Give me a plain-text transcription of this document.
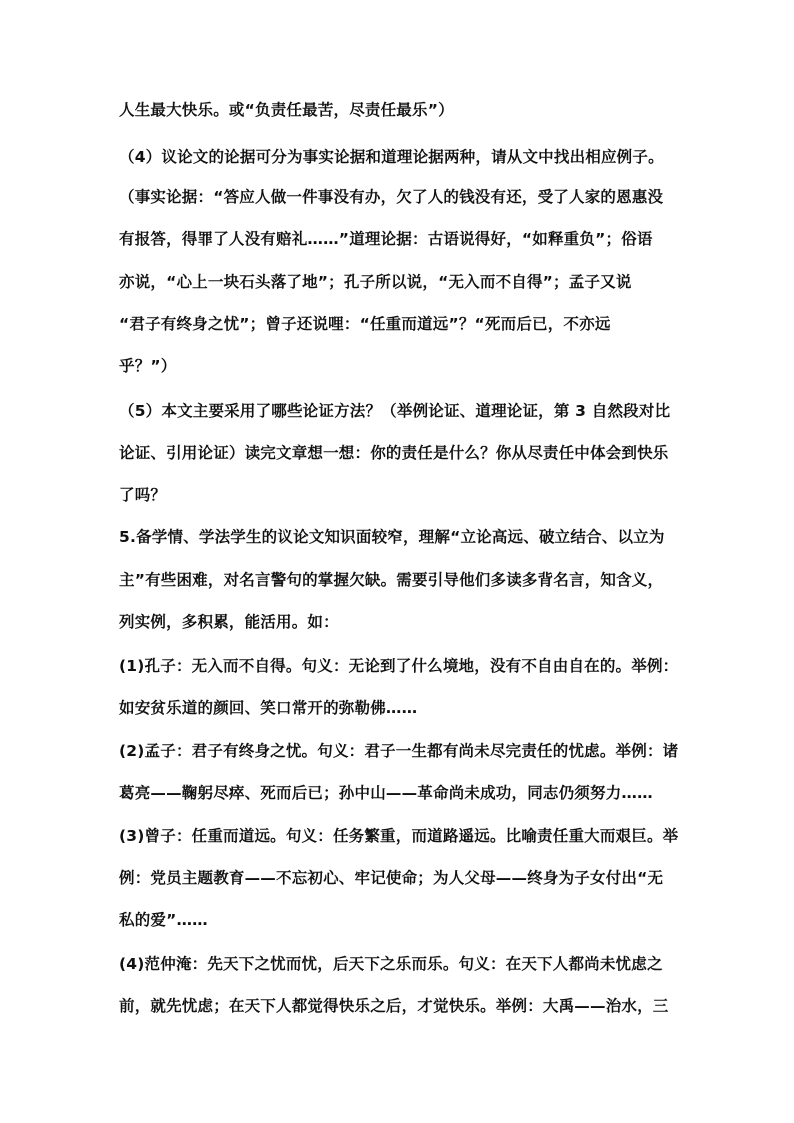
人生最大快乐。或“负责任最苦，尽责任最乐”）
（4）议论文的论据可分为事实论据和道理论据两种，请从文中找出相应例子。
（事实论据：“答应人做一件事没有办，欠了人的钱没有还，受了人家的恩惠没
有报答，得罪了人没有赔礼……”道理论据：古语说得好，“如释重负”；俗语
亦说，“心上一块石头落了地”；孔子所以说，“无入而不自得”；孟子又说
“君子有终身之忧”；曾子还说哩：“任重而道远”？“死而后已，不亦远
乎？”）
（5）本文主要采用了哪些论证方法？（举例论证、道理论证，第 3 自然段对比
论证、引用论证）读完文章想一想：你的责任是什么？你从尽责任中体会到快乐
了吗？
5.备学情、学法学生的议论文知识面较窄，理解“立论高远、破立结合、以立为
主”有些困难，对名言警句的掌握欠缺。需要引导他们多读多背名言，知含义，
列实例，多积累，能活用。如：
(1)孔子：无入而不自得。句义：无论到了什么境地，没有不自由自在的。举例：
如安贫乐道的颜回、笑口常开的弥勒佛……
(2)孟子：君子有终身之忧。句义：君子一生都有尚未尽完责任的忧虑。举例：诸
葛亮——鞠躬尽瘁、死而后已；孙中山——革命尚未成功，同志仍须努力……
(3)曾子：任重而道远。句义：任务繁重，而道路遥远。比喻责任重大而艰巨。举
例：党员主题教育——不忘初心、牢记使命；为人父母——终身为子女付出“无
私的爱”……
(4)范仲淹：先天下之忧而忧，后天下之乐而乐。句义：在天下人都尚未忧虑之
前，就先忧虑；在天下人都觉得快乐之后，才觉快乐。举例：大禹——治水，三
